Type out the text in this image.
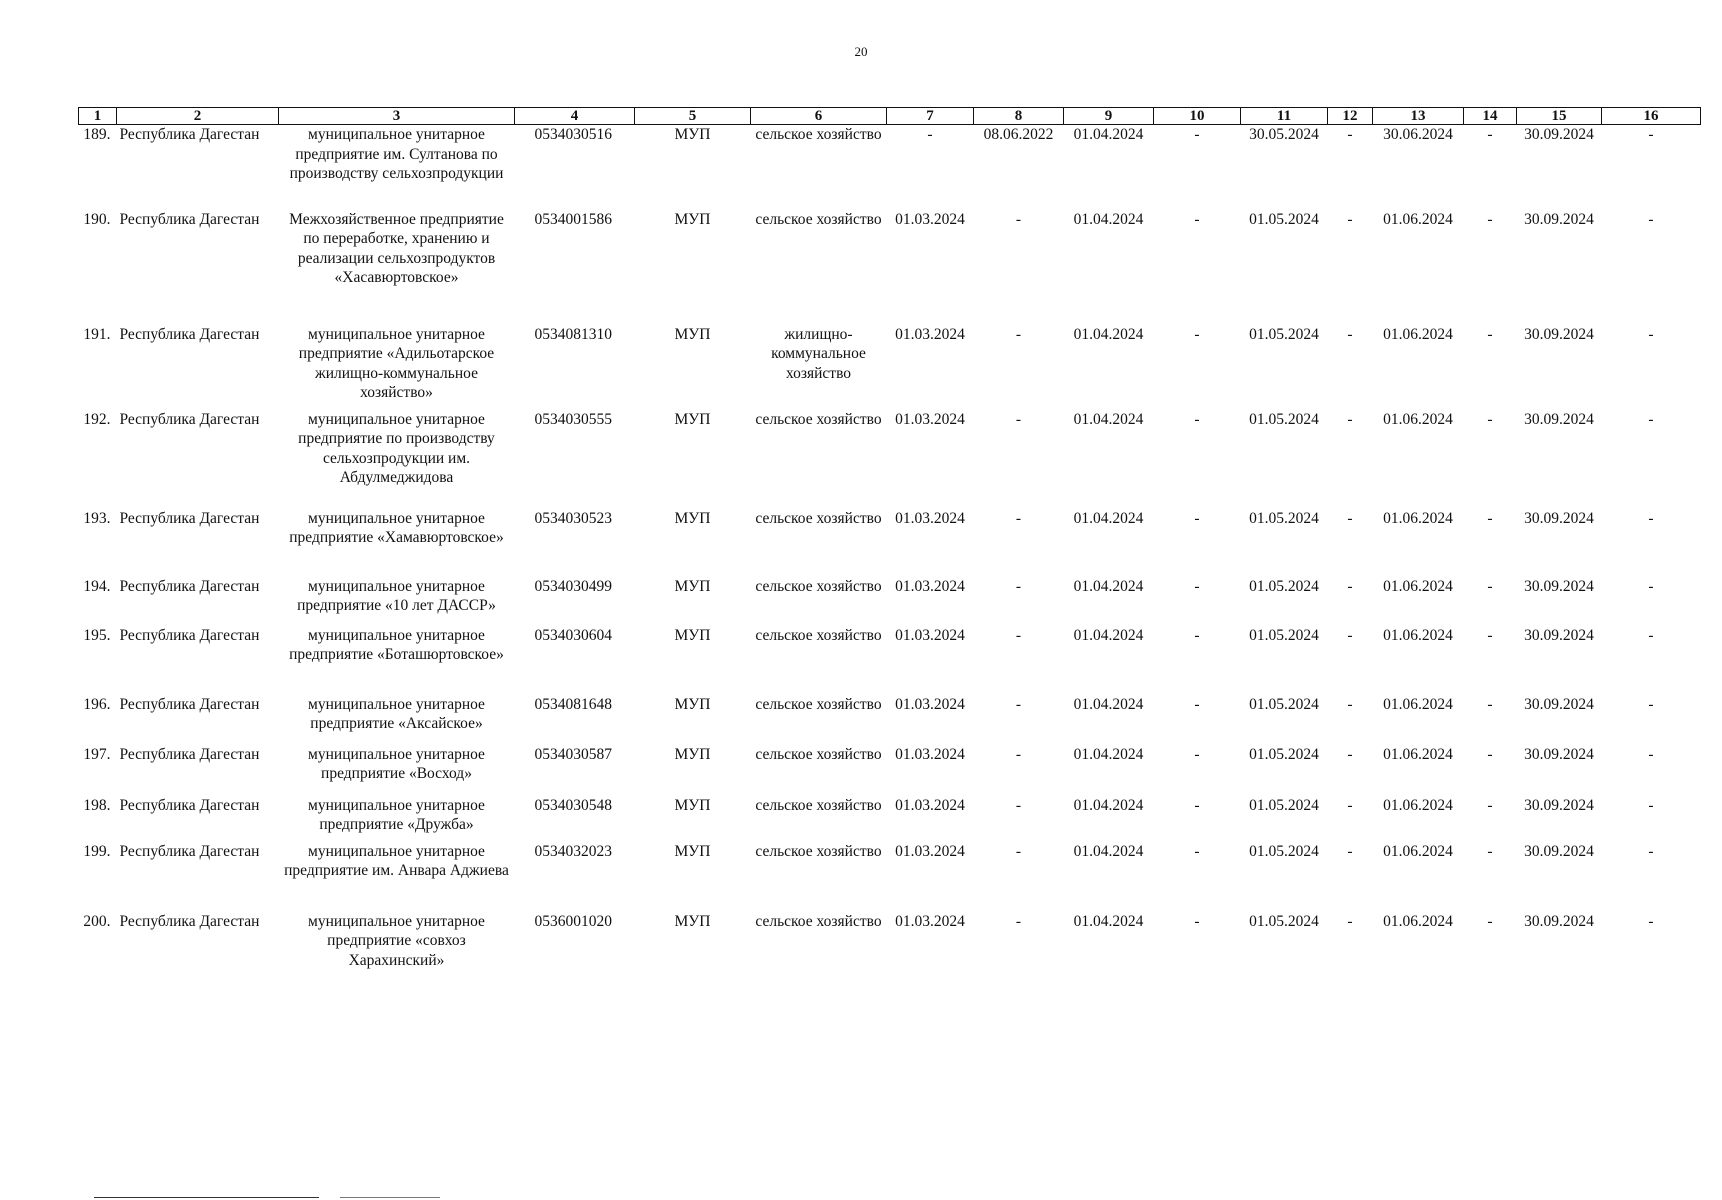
20
1	2	3	4	5	6	7	8	9	10	11	12	13	14	15	16
189.	Республика Дагестан	муниципальное унитарное предприятие им. Султанова по производству сельхозпродукции	0534030516	МУП	сельское хозяйство	-	08.06.2022	01.04.2024	-	30.05.2024	-	30.06.2024	-	30.09.2024	-
190.	Республика Дагестан	Межхозяйственное предприятие по переработке, хранению и реализации сельхозпродуктов «Хасавюртовское»	0534001586	МУП	сельское хозяйство	01.03.2024	-	01.04.2024	-	01.05.2024	-	01.06.2024	-	30.09.2024	-
191.	Республика Дагестан	муниципальное унитарное предприятие «Адильотарское жилищно-коммунальное хозяйство»	0534081310	МУП	жилищно-коммунальное хозяйство	01.03.2024	-	01.04.2024	-	01.05.2024	-	01.06.2024	-	30.09.2024	-
192.	Республика Дагестан	муниципальное унитарное предприятие по производству сельхозпродукции им. Абдулмеджидова	0534030555	МУП	сельское хозяйство	01.03.2024	-	01.04.2024	-	01.05.2024	-	01.06.2024	-	30.09.2024	-
193.	Республика Дагестан	муниципальное унитарное предприятие «Хамавюртовское»	0534030523	МУП	сельское хозяйство	01.03.2024	-	01.04.2024	-	01.05.2024	-	01.06.2024	-	30.09.2024	-
194.	Республика Дагестан	муниципальное унитарное предприятие «10 лет ДАССР»	0534030499	МУП	сельское хозяйство	01.03.2024	-	01.04.2024	-	01.05.2024	-	01.06.2024	-	30.09.2024	-
195.	Республика Дагестан	муниципальное унитарное предприятие «Боташюртовское»	0534030604	МУП	сельское хозяйство	01.03.2024	-	01.04.2024	-	01.05.2024	-	01.06.2024	-	30.09.2024	-
196.	Республика Дагестан	муниципальное унитарное предприятие «Аксайское»	0534081648	МУП	сельское хозяйство	01.03.2024	-	01.04.2024	-	01.05.2024	-	01.06.2024	-	30.09.2024	-
197.	Республика Дагестан	муниципальное унитарное предприятие «Восход»	0534030587	МУП	сельское хозяйство	01.03.2024	-	01.04.2024	-	01.05.2024	-	01.06.2024	-	30.09.2024	-
198.	Республика Дагестан	муниципальное унитарное предприятие «Дружба»	0534030548	МУП	сельское хозяйство	01.03.2024	-	01.04.2024	-	01.05.2024	-	01.06.2024	-	30.09.2024	-
199.	Республика Дагестан	муниципальное унитарное предприятие им. Анвара Аджиева	0534032023	МУП	сельское хозяйство	01.03.2024	-	01.04.2024	-	01.05.2024	-	01.06.2024	-	30.09.2024	-
200.	Республика Дагестан	муниципальное унитарное предприятие «совхоз Харахинский»	0536001020	МУП	сельское хозяйство	01.03.2024	-	01.04.2024	-	01.05.2024	-	01.06.2024	-	30.09.2024	-
